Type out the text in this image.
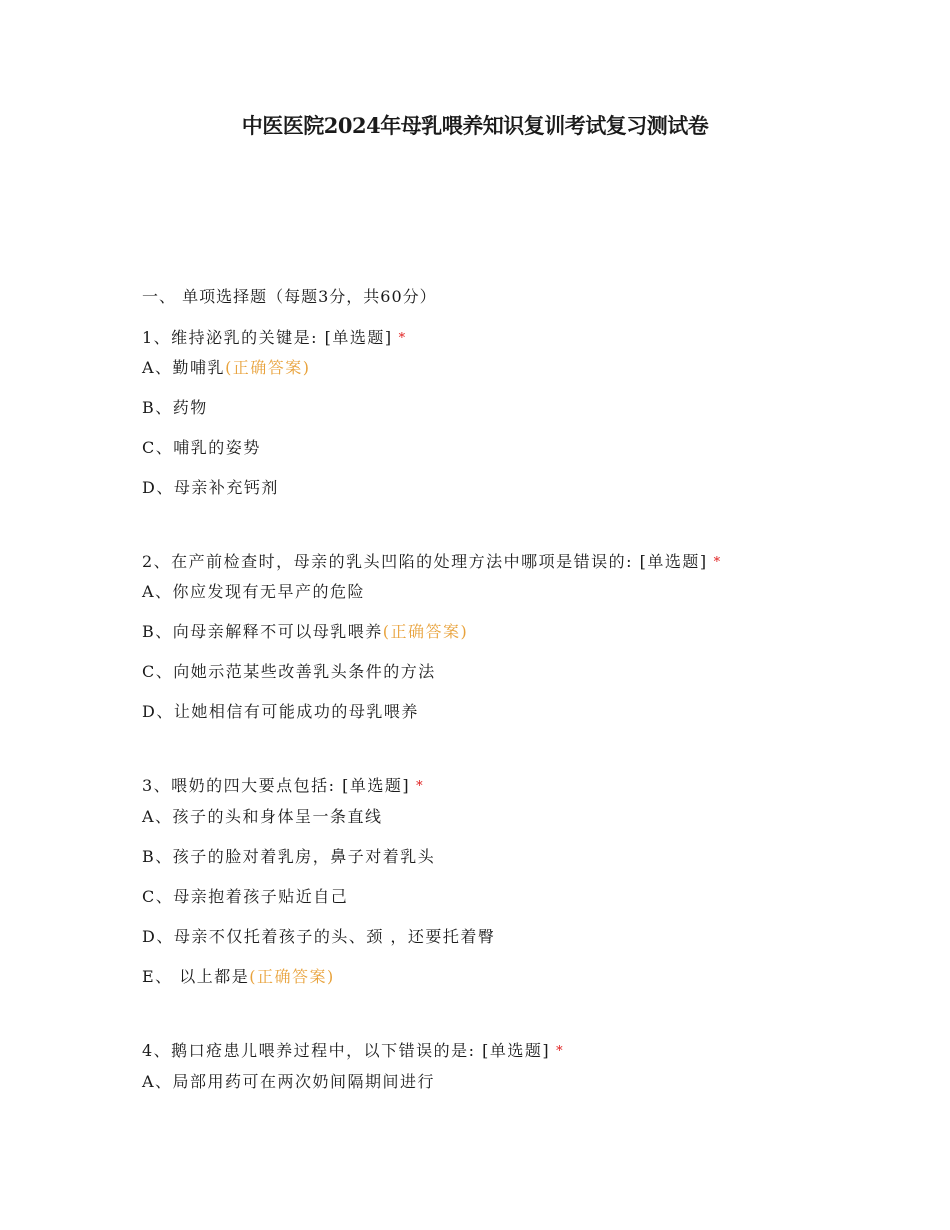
中医医院2024年母乳喂养知识复训考试复习测试卷
一、 单项选择题（每题3分，共60分）
1、维持泌乳的关键是: [单选题] *
A、勤哺乳(正确答案)
B、药物
C、哺乳的姿势
D、母亲补充钙剂
2、在产前检查时，母亲的乳头凹陷的处理方法中哪项是错误的: [单选题] *
A、你应发现有无早产的危险
B、向母亲解释不可以母乳喂养(正确答案)
C、向她示范某些改善乳头条件的方法
D、让她相信有可能成功的母乳喂养
3、喂奶的四大要点包括: [单选题] *
A、孩子的头和身体呈一条直线
B、孩子的脸对着乳房，鼻子对着乳头
C、母亲抱着孩子贴近自己
D、母亲不仅托着孩子的头、颈 ，还要托着臀
E、 以上都是(正确答案)
4、鹅口疮患儿喂养过程中，以下错误的是: [单选题] *
A、局部用药可在两次奶间隔期间进行
